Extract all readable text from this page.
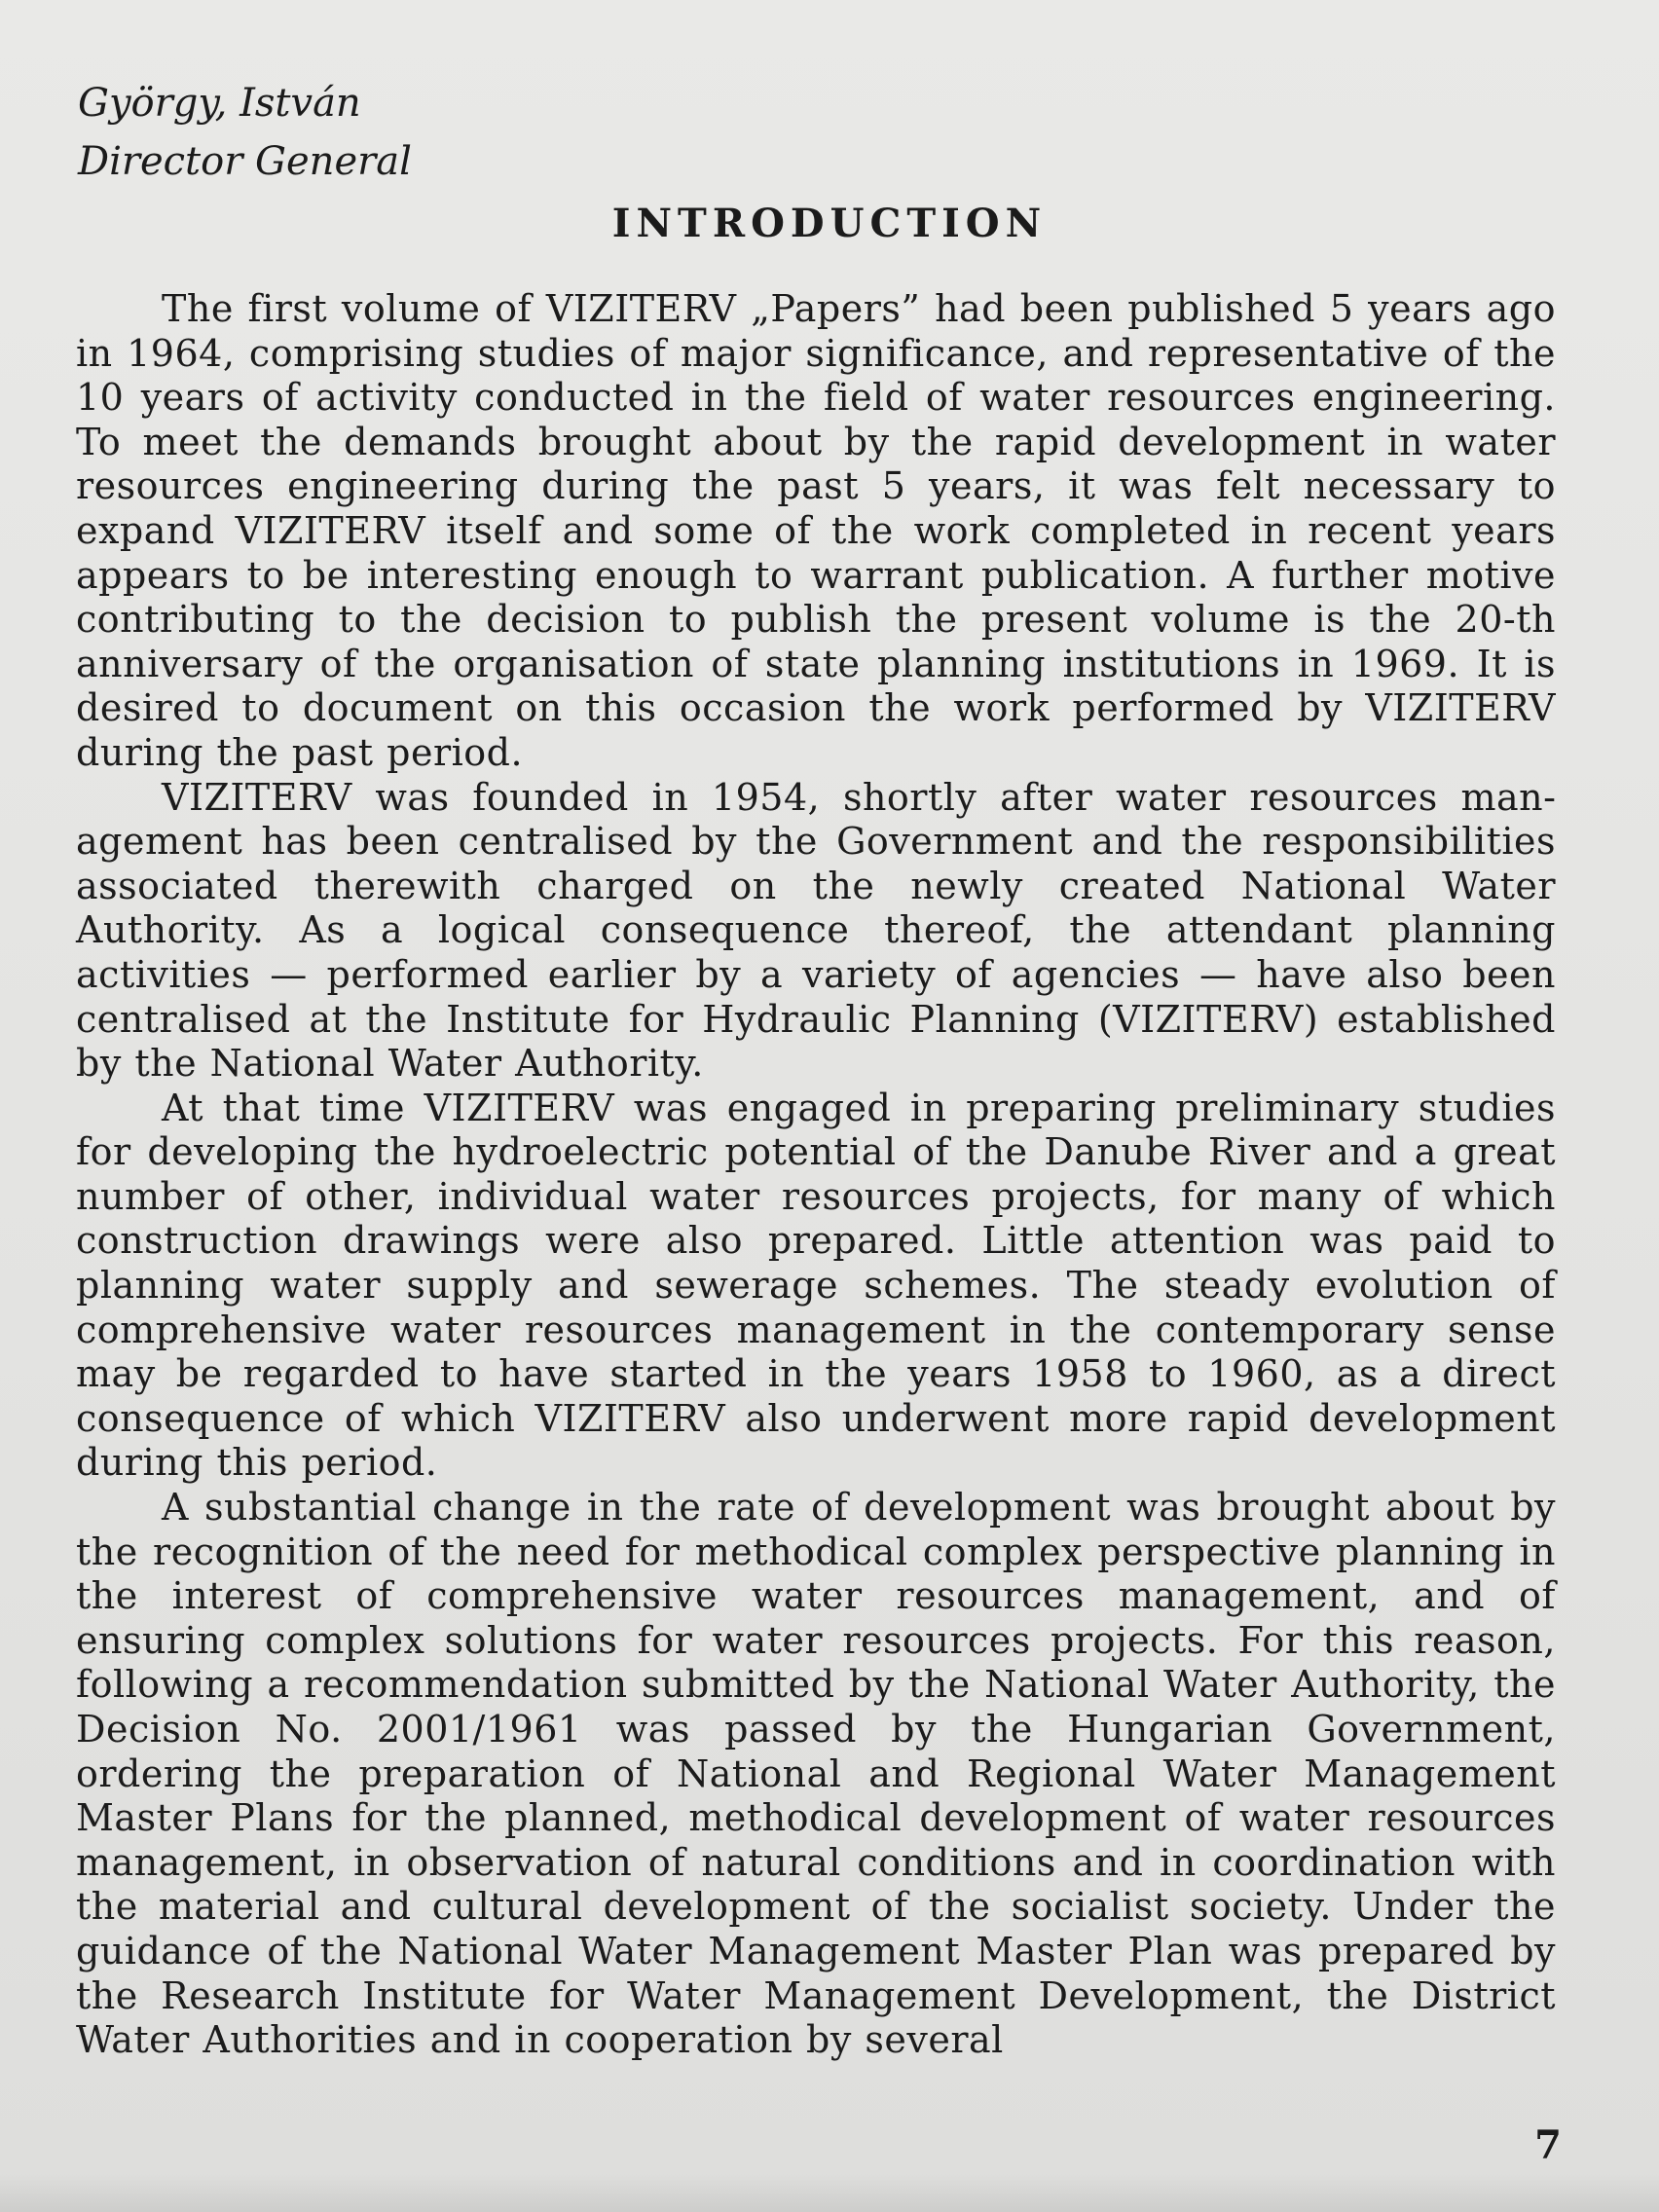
György, István
Director General
INTRODUCTION

The first volume of VIZITERV „Papers” had been published 5 years ago in 1964, comprising studies of major significance, and representative of the 10 years of activity conducted in the field of water resources engineering. To meet the demands brought about by the rapid development in water resources engineering during the past 5 years, it was felt necessary to expand VIZITERV itself and some of the work completed in recent years appears to be interesting enough to warrant publication. A further motive contributing to the decision to publish the present volume is the 20-th anniversary of the organisation of state planning institutions in 1969. It is desired to document on this occasion the work performed by VIZITERV during the past period.

VIZITERV was founded in 1954, shortly after water resources management has been centralised by the Government and the responsibilities associated therewith charged on the newly created National Water Authority. As a logical consequence thereof, the attendant planning activities — performed earlier by a variety of agencies — have also been centralised at the Institute for Hydraulic Planning (VIZITERV) established by the National Water Authority.

At that time VIZITERV was engaged in preparing preliminary studies for developing the hydroelectric potential of the Danube River and a great number of other, individual water resources projects, for many of which construction drawings were also prepared. Little attention was paid to planning water supply and sewerage schemes. The steady evolution of comprehensive water resources management in the contemporary sense may be regarded to have started in the years 1958 to 1960, as a direct consequence of which VIZITERV also underwent more rapid development during this period.

A substantial change in the rate of development was brought about by the recognition of the need for methodical complex perspective planning in the interest of comprehensive water resources management, and of ensuring complex solutions for water resources projects. For this reason, following a recommendation submitted by the National Water Authority, the Decision No. 2001/1961 was passed by the Hungarian Government, ordering the preparation of National and Regional Water Management Master Plans for the planned, methodical development of water resources management, in observation of natural conditions and in coordination with the material and cultural development of the socialist society. Under the guidance of the National Water Management Master Plan was prepared by the Research Institute for Water Management Development, the District Water Authorities and in cooperation by several

7
